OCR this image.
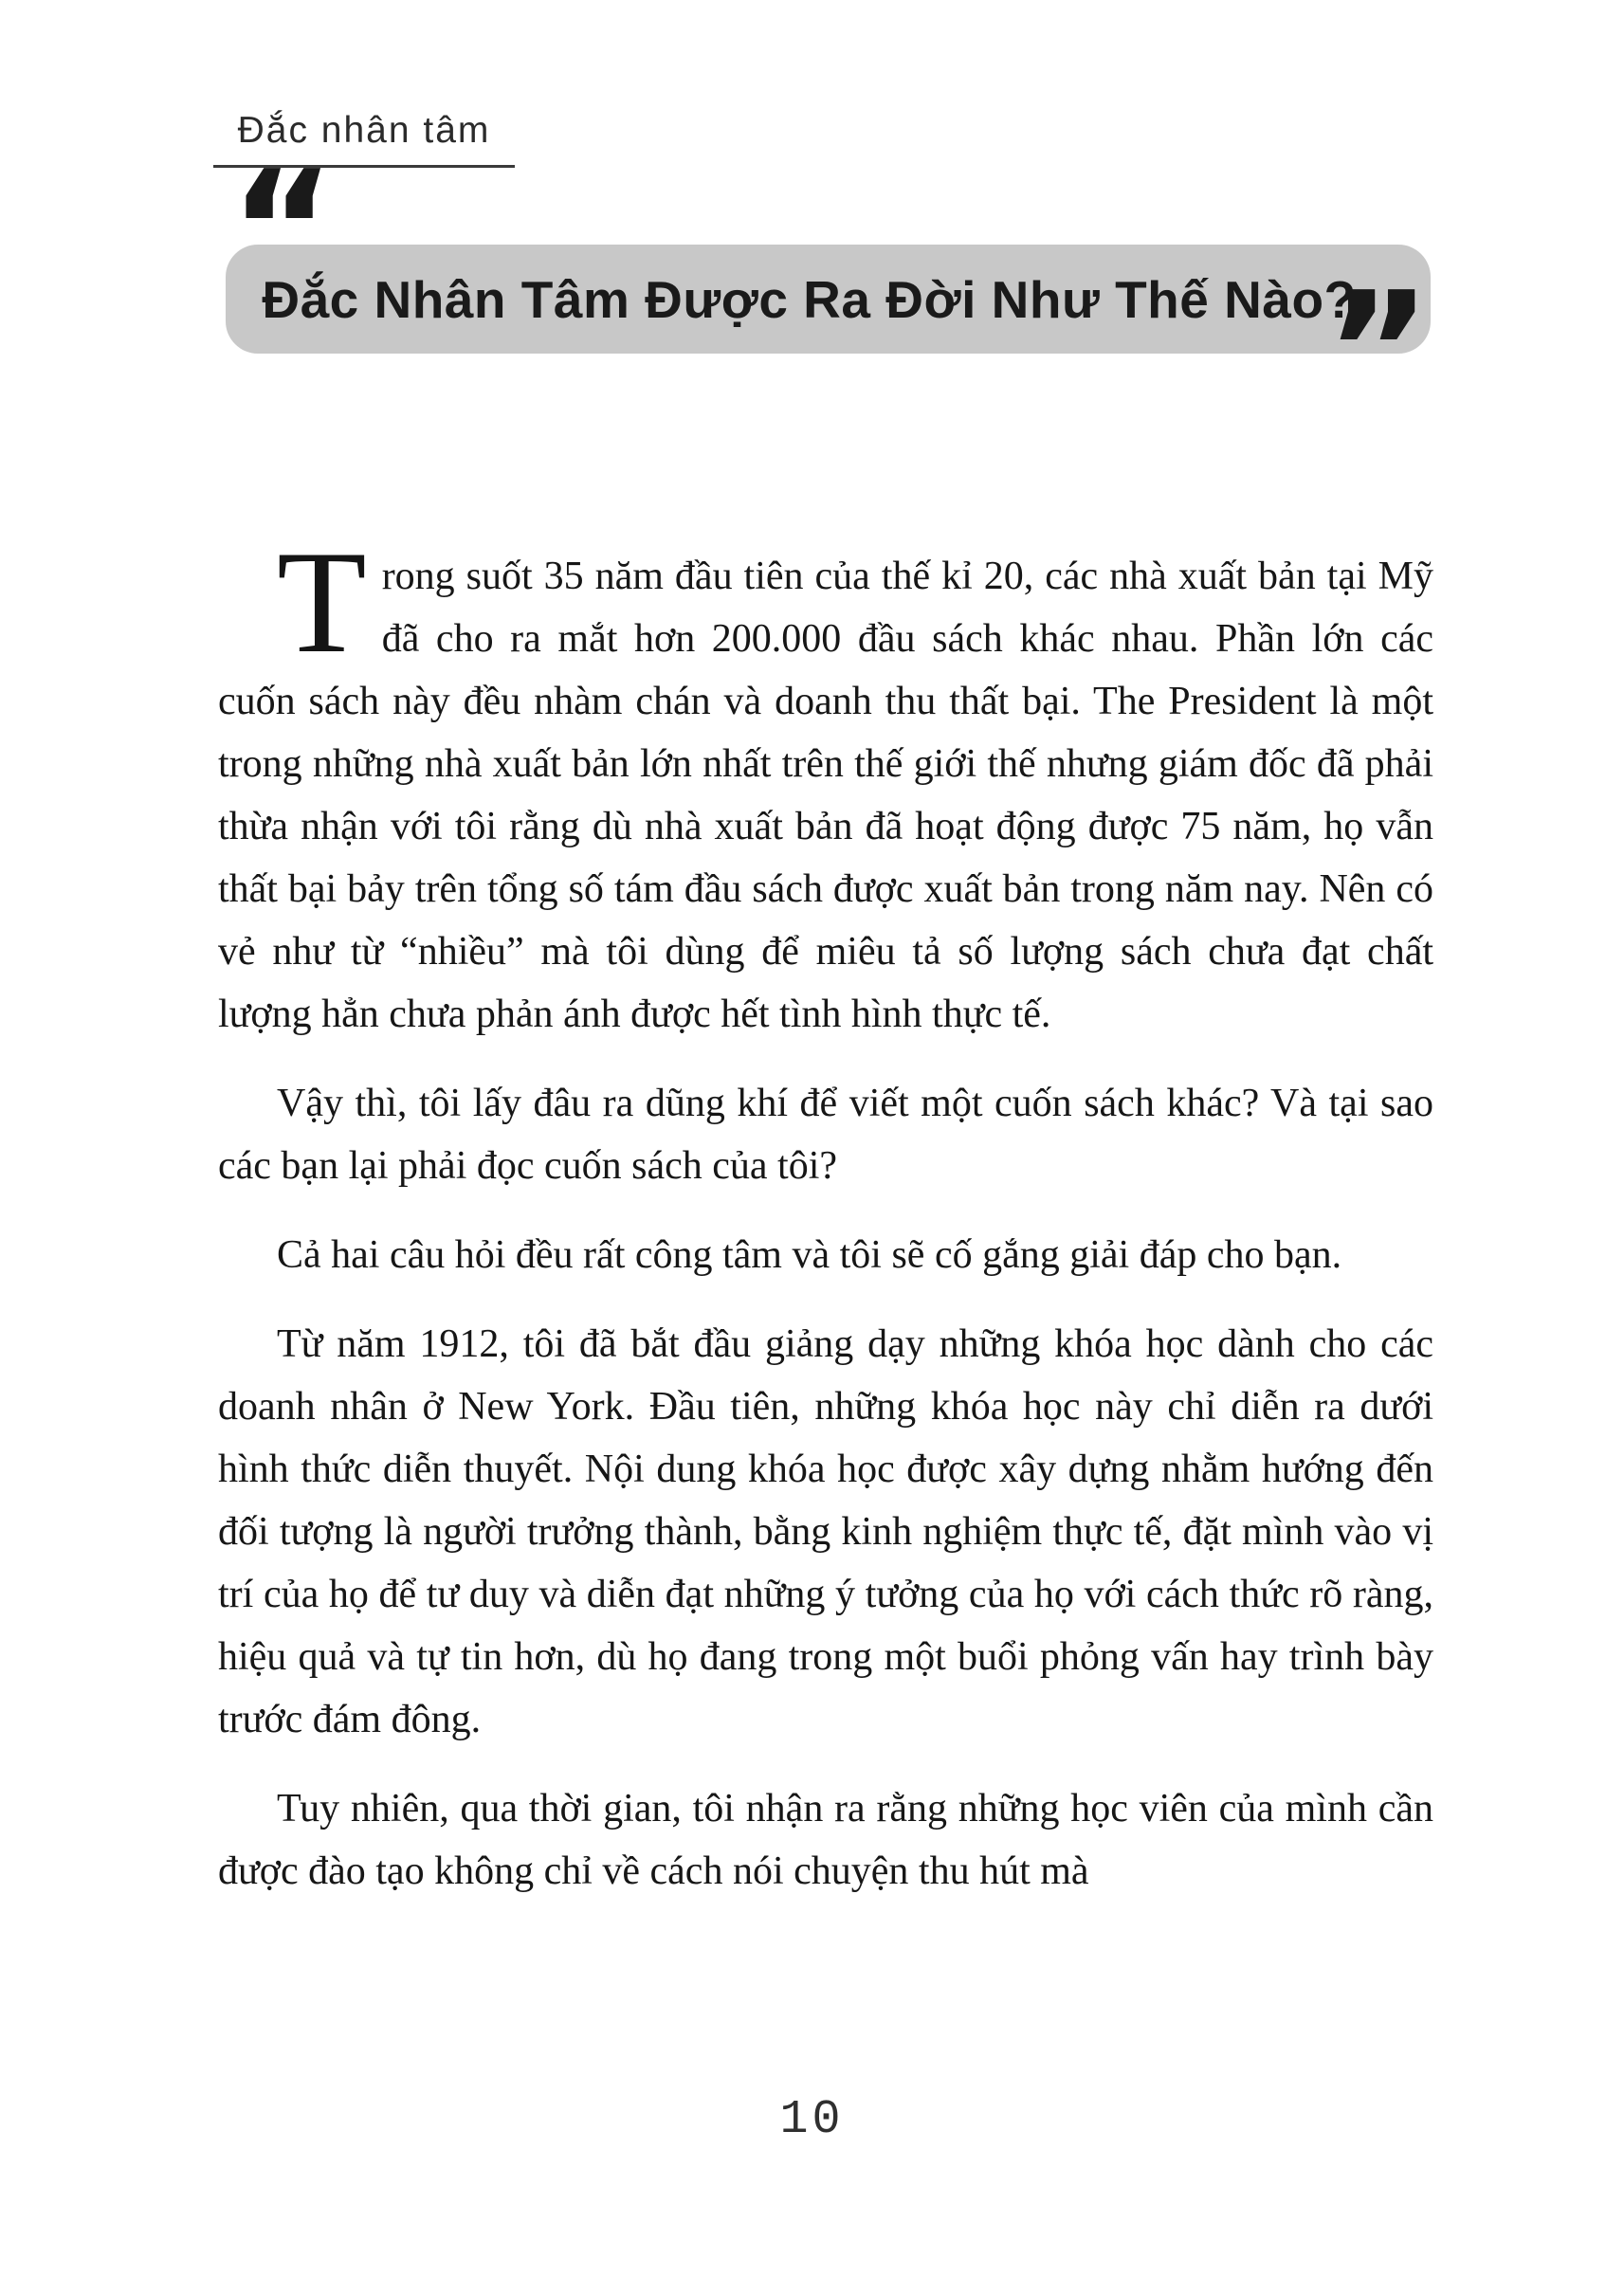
Đắc nhân tâm
“
Đắc Nhân Tâm Được Ra Đời Như Thế Nào?
”

Trong suốt 35 năm đầu tiên của thế kỉ 20, các nhà xuất bản tại Mỹ đã cho ra mắt hơn 200.000 đầu sách khác nhau. Phần lớn các cuốn sách này đều nhàm chán và doanh thu thất bại. The President là một trong những nhà xuất bản lớn nhất trên thế giới thế nhưng giám đốc đã phải thừa nhận với tôi rằng dù nhà xuất bản đã hoạt động được 75 năm, họ vẫn thất bại bảy trên tổng số tám đầu sách được xuất bản trong năm nay. Nên có vẻ như từ “nhiều” mà tôi dùng để miêu tả số lượng sách chưa đạt chất lượng hẳn chưa phản ánh được hết tình hình thực tế.

Vậy thì, tôi lấy đâu ra dũng khí để viết một cuốn sách khác? Và tại sao các bạn lại phải đọc cuốn sách của tôi?

Cả hai câu hỏi đều rất công tâm và tôi sẽ cố gắng giải đáp cho bạn.

Từ năm 1912, tôi đã bắt đầu giảng dạy những khóa học dành cho các doanh nhân ở New York. Đầu tiên, những khóa học này chỉ diễn ra dưới hình thức diễn thuyết. Nội dung khóa học được xây dựng nhằm hướng đến đối tượng là người trưởng thành, bằng kinh nghiệm thực tế, đặt mình vào vị trí của họ để tư duy và diễn đạt những ý tưởng của họ với cách thức rõ ràng, hiệu quả và tự tin hơn, dù họ đang trong một buổi phỏng vấn hay trình bày trước đám đông.

Tuy nhiên, qua thời gian, tôi nhận ra rằng những học viên của mình cần được đào tạo không chỉ về cách nói chuyện thu hút mà

10
